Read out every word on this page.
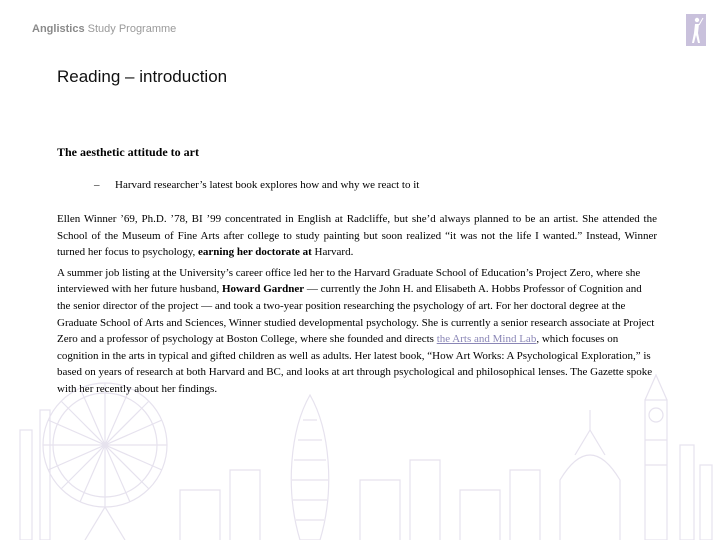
Anglistics Study Programme
Reading – introduction
The aesthetic attitude to art
– Harvard researcher’s latest book explores how and why we react to it

Ellen Winner ’69, Ph.D. ’78, BI ’99 concentrated in English at Radcliffe, but she’d always planned to be an artist. She attended the School of the Museum of Fine Arts after college to study painting but soon realized “it was not the life I wanted.” Instead, Winner turned her focus to psychology, earning her doctorate at Harvard.

A summer job listing at the University’s career office led her to the Harvard Graduate School of Education’s Project Zero, where she interviewed with her future husband, Howard Gardner — currently the John H. and Elisabeth A. Hobbs Professor of Cognition and the senior director of the project — and took a two-year position researching the psychology of art. For her doctoral degree at the Graduate School of Arts and Sciences, Winner studied developmental psychology. She is currently a senior research associate at Project Zero and a professor of psychology at Boston College, where she founded and directs the Arts and Mind Lab, which focuses on cognition in the arts in typical and gifted children as well as adults. Her latest book, “How Art Works: A Psychological Exploration,” is based on years of research at both Harvard and BC, and looks at art through psychological and philosophical lenses. The Gazette spoke with her recently about her findings.
